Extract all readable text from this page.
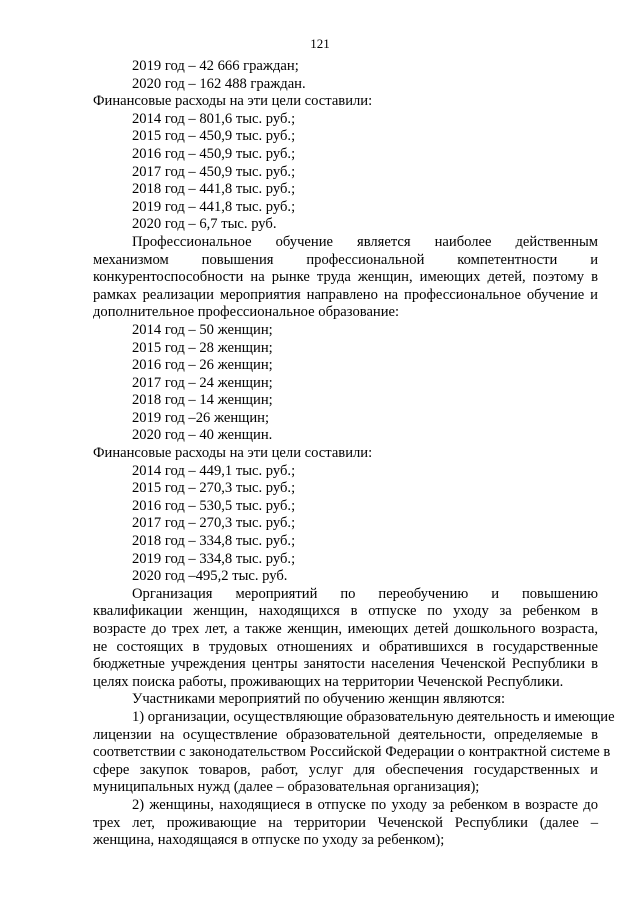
121
2019 год – 42 666 граждан;
2020 год – 162 488 граждан.
Финансовые расходы на эти цели составили:
2014 год – 801,6 тыс. руб.;
2015 год – 450,9 тыс. руб.;
2016 год – 450,9 тыс. руб.;
2017 год – 450,9 тыс. руб.;
2018 год – 441,8 тыс. руб.;
2019 год – 441,8 тыс. руб.;
2020 год – 6,7 тыс. руб.
Профессиональное обучение является наиболее действенным
механизмом повышения профессиональной компетентности и
конкурентоспособности на рынке труда женщин, имеющих детей, поэтому в
рамках реализации мероприятия направлено на профессиональное обучение и
дополнительное профессиональное образование:
2014 год – 50 женщин;
2015 год – 28 женщин;
2016 год – 26 женщин;
2017 год – 24 женщин;
2018 год – 14 женщин;
2019 год –26 женщин;
2020 год – 40 женщин.
Финансовые расходы на эти цели составили:
2014 год – 449,1 тыс. руб.;
2015 год – 270,3 тыс. руб.;
2016 год – 530,5 тыс. руб.;
2017 год – 270,3 тыс. руб.;
2018 год – 334,8 тыс. руб.;
2019 год – 334,8 тыс. руб.;
2020 год –495,2 тыс. руб.
Организация мероприятий по переобучению и повышению
квалификации женщин, находящихся в отпуске по уходу за ребенком в
возрасте до трех лет, а также женщин, имеющих детей дошкольного возраста,
не состоящих в трудовых отношениях и обратившихся в государственные
бюджетные учреждения центры занятости населения Чеченской Республики в
целях поиска работы, проживающих на территории Чеченской Республики.
Участниками мероприятий по обучению женщин являются:
1) организации, осуществляющие образовательную деятельность и имеющие
лицензии на осуществление образовательной деятельности, определяемые в
соответствии с законодательством Российской Федерации о контрактной системе в
сфере закупок товаров, работ, услуг для обеспечения государственных и
муниципальных нужд (далее – образовательная организация);
2) женщины, находящиеся в отпуске по уходу за ребенком в возрасте до
трех лет, проживающие на территории Чеченской Республики (далее –
женщина, находящаяся в отпуске по уходу за ребенком);
